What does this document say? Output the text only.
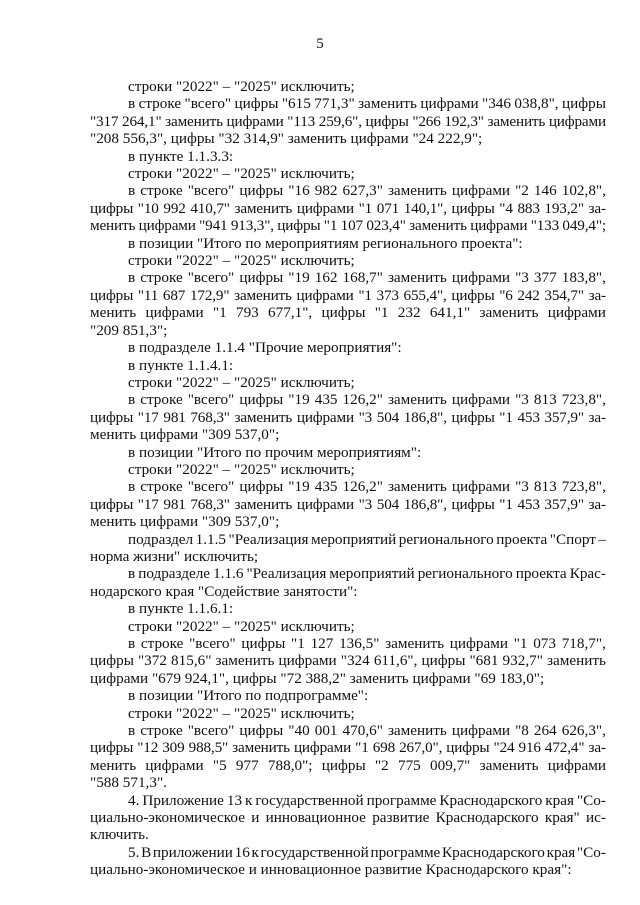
5

строки "2022" – "2025" исключить;

в строке "всего" цифры "615 771,3" заменить цифрами "346 038,8", цифры

"317 264,1" заменить цифрами "113 259,6", цифры "266 192,3" заменить цифрами

"208 556,3", цифры "32 314,9" заменить цифрами "24 222,9";

в пункте 1.1.3.3:

строки "2022" – "2025" исключить;

в строке "всего" цифры "16 982 627,3" заменить цифрами "2 146 102,8",

цифры "10 992 410,7" заменить цифрами "1 071 140,1", цифры "4 883 193,2" за-

менить цифрами "941 913,3", цифры "1 107 023,4" заменить цифрами "133 049,4";

в позиции "Итого по мероприятиям регионального проекта":

строки "2022" – "2025" исключить;

в строке "всего" цифры "19 162 168,7" заменить цифрами "3 377 183,8",

цифры "11 687 172,9" заменить цифрами "1 373 655,4", цифры "6 242 354,7" за-

менить цифрами "1 793 677,1", цифры "1 232 641,1" заменить цифрами

"209 851,3";

в подразделе 1.1.4 "Прочие мероприятия":

в пункте 1.1.4.1:

строки "2022" – "2025" исключить;

в строке "всего" цифры "19 435 126,2" заменить цифрами "3 813 723,8",

цифры "17 981 768,3" заменить цифрами "3 504 186,8", цифры "1 453 357,9" за-

менить цифрами "309 537,0";

в позиции "Итого по прочим мероприятиям":

строки "2022" – "2025" исключить;

в строке "всего" цифры "19 435 126,2" заменить цифрами "3 813 723,8",

цифры "17 981 768,3" заменить цифрами "3 504 186,8", цифры "1 453 357,9" за-

менить цифрами "309 537,0";

подраздел 1.1.5 "Реализация мероприятий регионального проекта "Спорт –

норма жизни" исключить;

в подразделе 1.1.6 "Реализация мероприятий регионального проекта Крас-

нодарского края "Содействие занятости":

в пункте 1.1.6.1:

строки "2022" – "2025" исключить;

в строке "всего" цифры "1 127 136,5" заменить цифрами "1 073 718,7",

цифры "372 815,6" заменить цифрами "324 611,6", цифры "681 932,7" заменить

цифрами "679 924,1", цифры "72 388,2" заменить цифрами "69 183,0";

в позиции "Итого по подпрограмме":

строки "2022" – "2025" исключить;

в строке "всего" цифры "40 001 470,6" заменить цифрами "8 264 626,3",

цифры "12 309 988,5" заменить цифрами "1 698 267,0", цифры "24 916 472,4" за-

менить цифрами "5 977 788,0"; цифры "2 775 009,7" заменить цифрами

"588 571,3".

4. Приложение 13 к государственной программе Краснодарского края "Со-

циально-экономическое и инновационное развитие Краснодарского края" ис-

ключить.

5. В приложении 16 к государственной программе Краснодарского края "Со-

циально-экономическое и инновационное развитие Краснодарского края":
